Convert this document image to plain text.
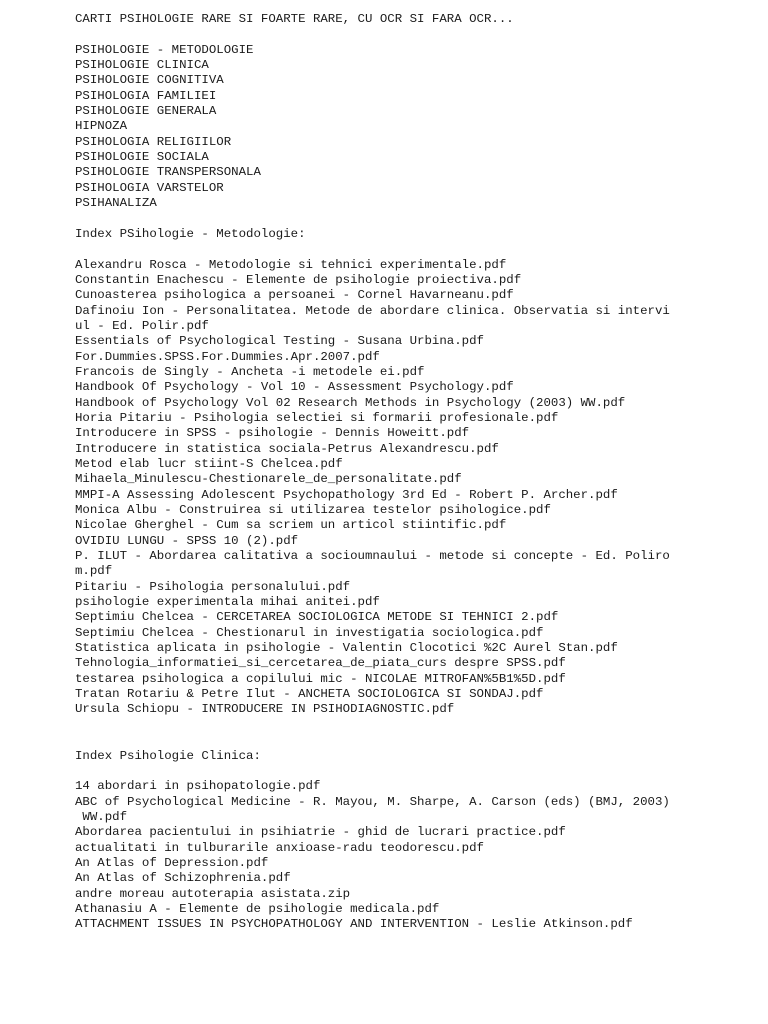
CARTI PSIHOLOGIE RARE SI FOARTE RARE, CU OCR SI FARA OCR...
PSIHOLOGIE - METODOLOGIE
PSIHOLOGIE CLINICA
PSIHOLOGIE COGNITIVA
PSIHOLOGIA FAMILIEI
PSIHOLOGIE GENERALA
HIPNOZA
PSIHOLOGIA RELIGIILOR
PSIHOLOGIE SOCIALA
PSIHOLOGIE TRANSPERSONALA
PSIHOLOGIA VARSTELOR
PSIHANALIZA
Index PSihologie - Metodologie:
Alexandru Rosca - Metodologie si tehnici experimentale.pdf
Constantin Enachescu - Elemente de psihologie proiectiva.pdf
Cunoasterea psihologica a persoanei - Cornel Havarneanu.pdf
Dafinoiu Ion - Personalitatea. Metode de abordare clinica. Observatia si intervi
ul - Ed. Polir.pdf
Essentials of Psychological Testing - Susana Urbina.pdf
For.Dummies.SPSS.For.Dummies.Apr.2007.pdf
Francois de Singly - Ancheta -i metodele ei.pdf
Handbook Of Psychology - Vol 10 - Assessment Psychology.pdf
Handbook of Psychology Vol 02 Research Methods in Psychology (2003) WW.pdf
Horia Pitariu - Psihologia selectiei si formarii profesionale.pdf
Introducere in SPSS - psihologie - Dennis Howeitt.pdf
Introducere in statistica sociala-Petrus Alexandrescu.pdf
Metod elab lucr stiint-S Chelcea.pdf
Mihaela_Minulescu-Chestionarele_de_personalitate.pdf
MMPI-A Assessing Adolescent Psychopathology 3rd Ed - Robert P. Archer.pdf
Monica Albu - Construirea si utilizarea testelor psihologice.pdf
Nicolae Gherghel - Cum sa scriem un articol stiintific.pdf
OVIDIU LUNGU - SPSS 10 (2).pdf
P. ILUT - Abordarea calitativa a socioumnaului - metode si concepte - Ed. Poliro
m.pdf
Pitariu - Psihologia personalului.pdf
psihologie experimentala mihai anitei.pdf
Septimiu Chelcea - CERCETAREA SOCIOLOGICA METODE SI TEHNICI 2.pdf
Septimiu Chelcea - Chestionarul in investigatia sociologica.pdf
Statistica aplicata in psihologie - Valentin Clocotici %2C Aurel Stan.pdf
Tehnologia_informatiei_si_cercetarea_de_piata_curs despre SPSS.pdf
testarea psihologica a copilului mic - NICOLAE MITROFAN%5B1%5D.pdf
Tratan Rotariu & Petre Ilut - ANCHETA SOCIOLOGICA SI SONDAJ.pdf
Ursula Schiopu - INTRODUCERE IN PSIHODIAGNOSTIC.pdf
Index Psihologie Clinica:
14 abordari in psihopatologie.pdf
ABC of Psychological Medicine - R. Mayou, M. Sharpe, A. Carson (eds) (BMJ, 2003)
WW.pdf
Abordarea pacientului in psihiatrie - ghid de lucrari practice.pdf
actualitati in tulburarile anxioase-radu teodorescu.pdf
An Atlas of Depression.pdf
An Atlas of Schizophrenia.pdf
andre moreau autoterapia asistata.zip
Athanasiu A - Elemente de psihologie medicala.pdf
ATTACHMENT ISSUES IN PSYCHOPATHOLOGY AND INTERVENTION - Leslie Atkinson.pdf
